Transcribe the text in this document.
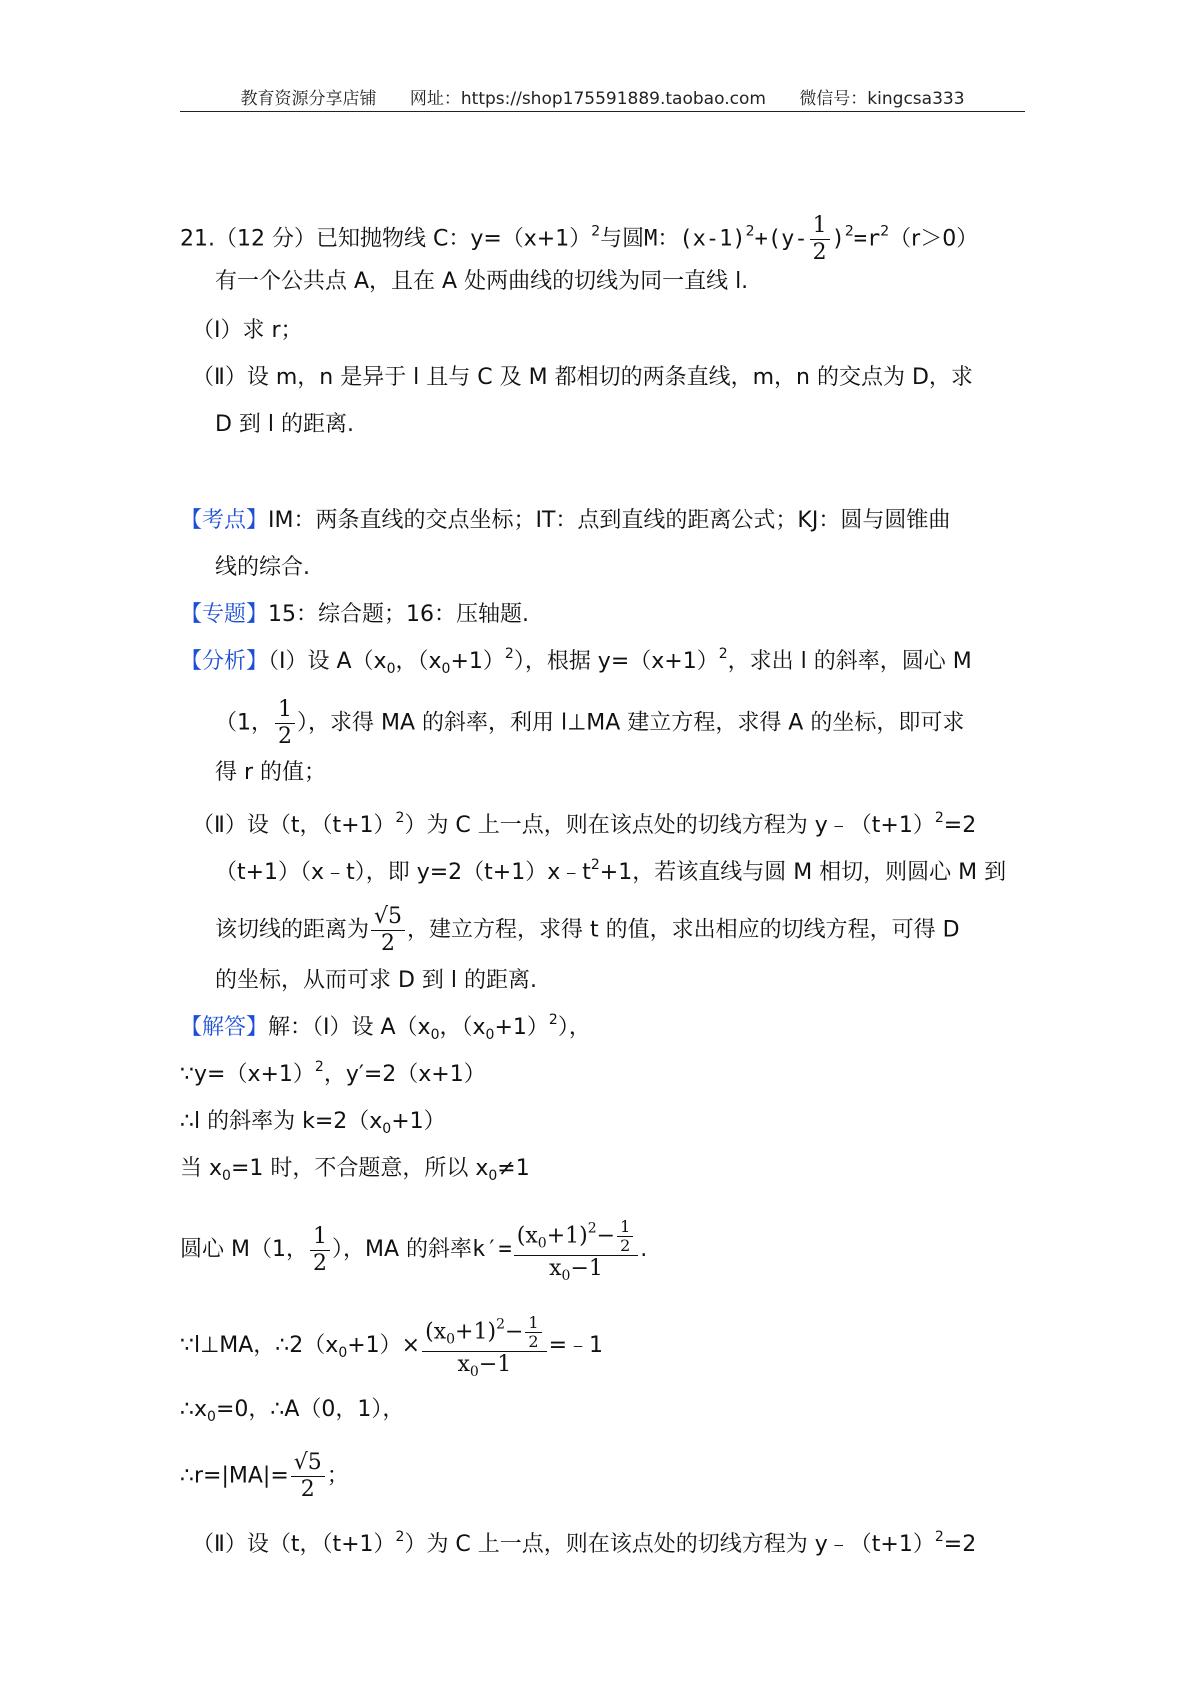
教育资源分享店铺 网址：https://shop175591889.taobao.com 微信号：kingcsa333
21.（12 分）已知抛物线 C：$y=(x+1)^2$与圆M：$(x-1)^2+(y- \frac{1}{2} )^2=r^2(r>0)$
有一个公共点 A，且在 A 处两曲线的切线为同一直线 l.
（Ⅰ）求 r；
（Ⅱ）设 m，n 是异于 l 且与 C 及 M 都相切的两条直线，m，n 的交点为 D，求
D 到 l 的距离.
【考点】IM：两条直线的交点坐标；IT：点到直线的距离公式；KJ：圆与圆锥曲
线的综合.
【专题】15：综合题；16：压轴题.
【分析】（Ⅰ）设 $A(x_0$，$(x_0+1)^2$），根据 $y=(x+1)^2$，求出 l 的斜率，圆心 M
（1， $\frac{1}{2}$ ），求得 MA 的斜率，利用 l⊥MA 建立方程，求得 A 的坐标，即可求
得 r 的值；
（Ⅱ）设（t，$(t+1)^2$）为 C 上一点，则在该点处的切线方程为 $y﹣(t+1)^2=2$
（t+1）（x﹣t），即 $y=2(t+1)x﹣t^2+1$，若该直线与圆 M 相切，则圆心 M 到
该切线的距离为 $\frac{√5}{2}$ ，建立方程，求得 t 的值，求出相应的切线方程，可得 D
的坐标，从而可求 D 到 l 的距离.
【解答】解：（Ⅰ）设 $A(x_0$，$(x_0+1)^2$），
$\because y=(x+1)^2$，y′=2（x+1）
∴l 的斜率为 $k=2(x_0+1)$
当 $x_0=1$ 时，不合题意，所以 $x_0\ne 1$
圆心 M（1， $\frac{1}{2}$ ），MA 的斜率$k'= \frac{(x_0+1)^2- \frac{1}{2}}{x_0-1}$ .
∵l⊥MA，$\therefore 2(x_0+1)\times \frac{(x_0+1)^2- \frac{1}{2}}{x_0-1}$ =﹣1
$\therefore x_0=0$，∴A（0，1），
∴r=|MA|= $\frac{√5}{2}$ ；
（Ⅱ）设（t，$(t+1)^2$）为 C 上一点，则在该点处的切线方程为 $y﹣(t+1)^2=2$
